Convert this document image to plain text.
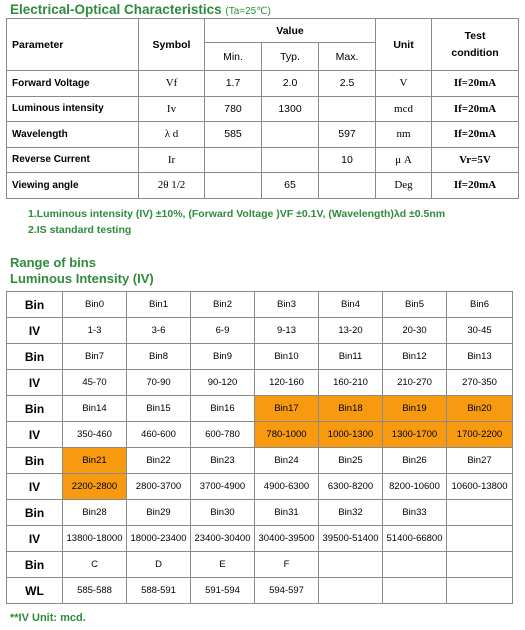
Electrical-Optical Characteristics (Ta=25℃)
Parameter	Symbol	Value			Unit	Test condition
		Min.	Typ.	Max.		
Forward Voltage	Vf	1.7	2.0	2.5	V	If=20mA
Luminous intensity	Iv	780	1300		mcd	If=20mA
Wavelength	λ d	585		597	nm	If=20mA
Reverse Current	Ir			10	μ A	Vr=5V
Viewing angle	2θ 1/2		65		Deg	If=20mA
1.Luminous intensity (IV) ±10%, (Forward Voltage )VF ±0.1V, (Wavelength)λd ±0.5nm
2.IS standard testing
Range of bins
Luminous Intensity (IV)
Bin	Bin0	Bin1	Bin2	Bin3	Bin4	Bin5	Bin6
IV	1-3	3-6	6-9	9-13	13-20	20-30	30-45
Bin	Bin7	Bin8	Bin9	Bin10	Bin11	Bin12	Bin13
IV	45-70	70-90	90-120	120-160	160-210	210-270	270-350
Bin	Bin14	Bin15	Bin16	Bin17	Bin18	Bin19	Bin20
IV	350-460	460-600	600-780	780-1000	1000-1300	1300-1700	1700-2200
Bin	Bin21	Bin22	Bin23	Bin24	Bin25	Bin26	Bin27
IV	2200-2800	2800-3700	3700-4900	4900-6300	6300-8200	8200-10600	10600-13800
Bin	Bin28	Bin29	Bin30	Bin31	Bin32	Bin33	
IV	13800-18000	18000-23400	23400-30400	30400-39500	39500-51400	51400-66800	
Bin	C	D	E	F			
WL	585-588	588-591	591-594	594-597			
**IV Unit: mcd.
